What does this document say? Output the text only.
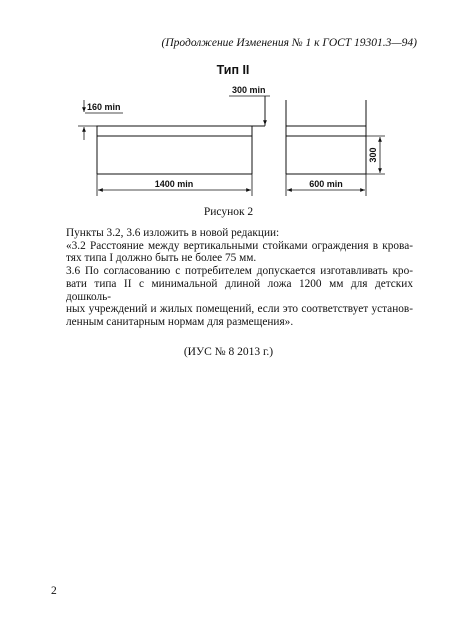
(Продолжение Изменения № 1 к ГОСТ 19301.3—94)
Тип II
160 min
300 min
1400 min	600 min
300
Рисунок 2

Пункты 3.2, 3.6 изложить в новой редакции:

«3.2 Расстояние между вертикальными стойками ограждения в крова-

тях типа I должно быть не более 75 мм.

3.6 По согласованию с потребителем допускается изготавливать кро-

вати типа II с минимальной длиной ложа 1200 мм для детских дошколь-

ных учреждений и жилых помещений, если это соответствует установ-

ленным санитарным нормам для размещения».

(ИУС № 8 2013 г.)
2
